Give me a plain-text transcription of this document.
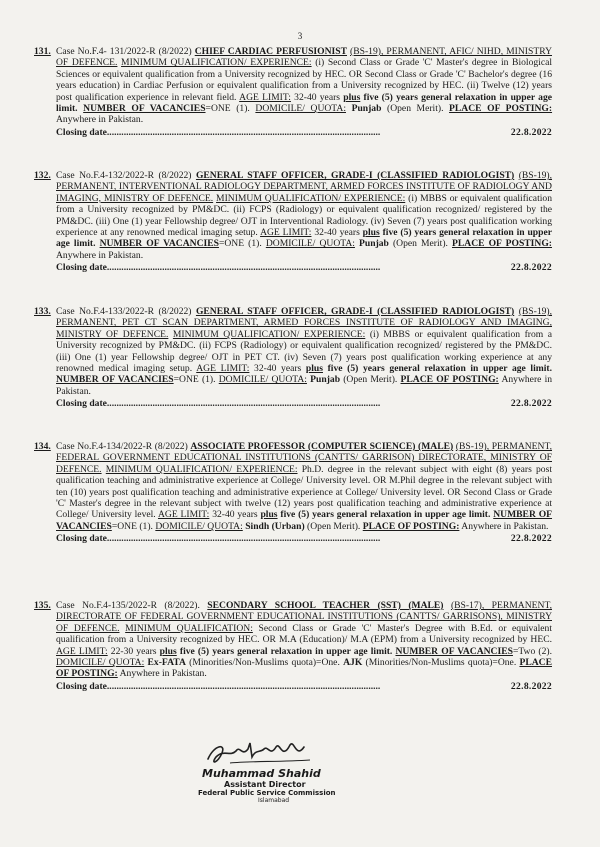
3
131. Case No.F.4- 131/2022-R (8/2022) CHIEF CARDIAC PERFUSIONIST (BS-19), PERMANENT, AFIC/ NIHD, MINISTRY OF DEFENCE. MINIMUM QUALIFICATION/ EXPERIENCE: (i) Second Class or Grade 'C' Master's degree in Biological Sciences or equivalent qualification from a University recognized by HEC. OR Second Class or Grade 'C' Bachelor's degree (16 years education) in Cardiac Perfusion or equivalent qualification from a University recognized by HEC. (ii) Twelve (12) years post qualification experience in relevant field. AGE LIMIT: 32-40 years plus five (5) years general relaxation in upper age limit. NUMBER OF VACANCIES=ONE (1). DOMICILE/ QUOTA: Punjab (Open Merit). PLACE OF POSTING: Anywhere in Pakistan.
Closing date..................................................................................................................	22.8.2022
132. Case No.F.4-132/2022-R (8/2022) GENERAL STAFF OFFICER, GRADE-I (CLASSIFIED RADIOLOGIST) (BS-19), PERMANENT, INTERVENTIONAL RADIOLOGY DEPARTMENT, ARMED FORCES INSTITUTE OF RADIOLOGY AND IMAGING, MINISTRY OF DEFENCE. MINIMUM QUALIFICATION/ EXPERIENCE: (i) MBBS or equivalent qualification from a University recognized by PM&DC. (ii) FCPS (Radiology) or equivalent qualification recognized/ registered by the PM&DC. (iii) One (1) year Fellowship degree/ OJT in Interventional Radiology. (iv) Seven (7) years post qualification working experience at any renowned medical imaging setup. AGE LIMIT: 32-40 years plus five (5) years general relaxation in upper age limit. NUMBER OF VACANCIES=ONE (1). DOMICILE/ QUOTA: Punjab (Open Merit). PLACE OF POSTING: Anywhere in Pakistan.
Closing date..................................................................................................................	22.8.2022
133. Case No.F.4-133/2022-R (8/2022) GENERAL STAFF OFFICER, GRADE-I (CLASSIFIED RADIOLOGIST) (BS-19), PERMANENT, PET CT SCAN DEPARTMENT, ARMED FORCES INSTITUTE OF RADIOLOGY AND IMAGING, MINISTRY OF DEFENCE. MINIMUM QUALIFICATION/ EXPERIENCE: (i) MBBS or equivalent qualification from a University recognized by PM&DC. (ii) FCPS (Radiology) or equivalent qualification recognized/ registered by the PM&DC. (iii) One (1) year Fellowship degree/ OJT in PET CT. (iv) Seven (7) years post qualification working experience at any renowned medical imaging setup. AGE LIMIT: 32-40 years plus five (5) years general relaxation in upper age limit. NUMBER OF VACANCIES=ONE (1). DOMICILE/ QUOTA: Punjab (Open Merit). PLACE OF POSTING: Anywhere in Pakistan.
Closing date..................................................................................................................	22.8.2022
134. Case No.F.4-134/2022-R (8/2022) ASSOCIATE PROFESSOR (COMPUTER SCIENCE) (MALE) (BS-19), PERMANENT, FEDERAL GOVERNMENT EDUCATIONAL INSTITUTIONS (CANTTS/ GARRISON) DIRECTORATE, MINISTRY OF DEFENCE. MINIMUM QUALIFICATION/ EXPERIENCE: Ph.D. degree in the relevant subject with eight (8) years post qualification teaching and administrative experience at College/ University level. OR M.Phil degree in the relevant subject with ten (10) years post qualification teaching and administrative experience at College/ University level. OR Second Class or Grade 'C' Master's degree in the relevant subject with twelve (12) years post qualification teaching and administrative experience at College/ University level. AGE LIMIT: 32-40 years plus five (5) years general relaxation in upper age limit. NUMBER OF VACANCIES=ONE (1). DOMICILE/ QUOTA: Sindh (Urban) (Open Merit). PLACE OF POSTING: Anywhere in Pakistan.
Closing date..................................................................................................................	22.8.2022
135. Case No.F.4-135/2022-R (8/2022). SECONDARY SCHOOL TEACHER (SST) (MALE) (BS-17), PERMANENT, DIRECTORATE OF FEDERAL GOVERNMENT EDUCATIONAL INSTITUTIONS (CANTTS/ GARRISONS), MINISTRY OF DEFENCE. MINIMUM QUALIFICATION: Second Class or Grade 'C' Master's Degree with B.Ed. or equivalent qualification from a University recognized by HEC. OR M.A (Education)/ M.A (EPM) from a University recognized by HEC. AGE LIMIT: 22-30 years plus five (5) years general relaxation in upper age limit. NUMBER OF VACANCIES=Two (2). DOMICILE/ QUOTA: Ex-FATA (Minorities/Non-Muslims quota)=One. AJK (Minorities/Non-Muslims quota)=One. PLACE OF POSTING: Anywhere in Pakistan.
Closing date..................................................................................................................	22.8.2022
Muhammad Shahid
Assistant Director
Federal Public Service Commission
Islamabad
